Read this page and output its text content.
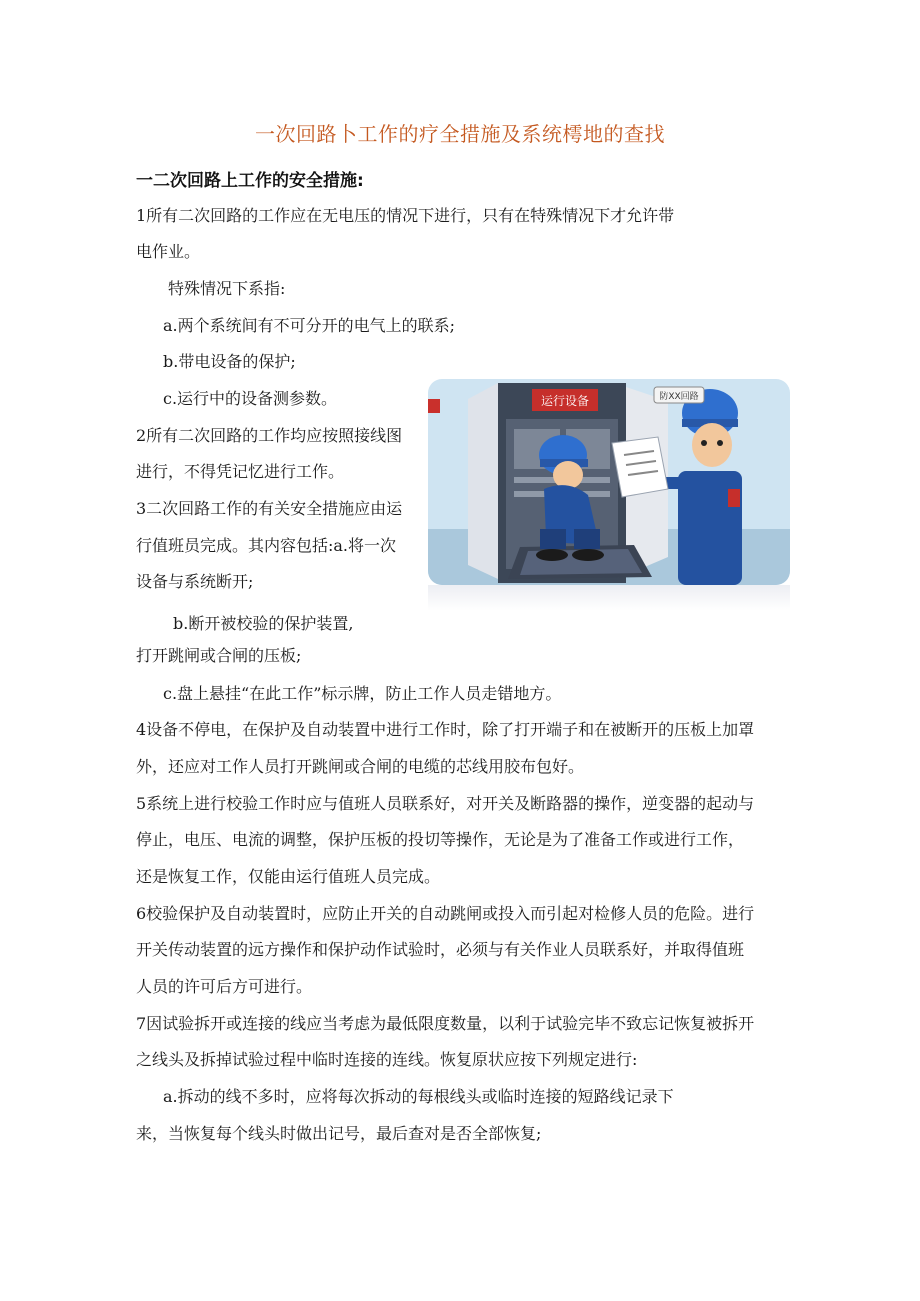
一次回路卜工作的疗全措施及系统樗地的查找
一二次回路上工作的安全措施:
1所有二次回路的工作应在无电压的情况下进行，只有在特殊情况下才允许带
电作业。
特殊情况下系指:
a.两个系统间有不可分开的电气上的联系;
b.带电设备的保护;
c.运行中的设备测参数。
2所有二次回路的工作均应按照接线图
进行，不得凭记忆进行工作。
3二次回路工作的有关安全措施应由运
行值班员完成。其内容包括:a.将一次
设备与系统断开;
b.断开被校验的保护装置,
打开跳闸或合闸的压板;
c.盘上悬挂“在此工作”标示牌，防止工作人员走错地方。
4设备不停电，在保护及自动装置中进行工作时，除了打开端子和在被断开的压板上加罩
外，还应对工作人员打开跳闸或合闸的电缆的芯线用胶布包好。
5系统上进行校验工作时应与值班人员联系好，对开关及断路器的操作，逆变器的起动与
停止，电压、电流的调整，保护压板的投切等操作，无论是为了准备工作或进行工作，
还是恢复工作，仅能由运行值班人员完成。
6校验保护及自动装置时，应防止开关的自动跳闸或投入而引起对检修人员的危险。进行
开关传动装置的远方操作和保护动作试验时，必须与有关作业人员联系好，并取得值班
人员的许可后方可进行。
7因试验拆开或连接的线应当考虑为最低限度数量，以利于试验完毕不致忘记恢复被拆开
之线头及拆掉试验过程中临时连接的连线。恢复原状应按下列规定进行:
a.拆动的线不多时，应将每次拆动的每根线头或临时连接的短路线记录下
来，当恢复每个线头时做出记号，最后查对是否全部恢复;
运行设备	防XX回路
